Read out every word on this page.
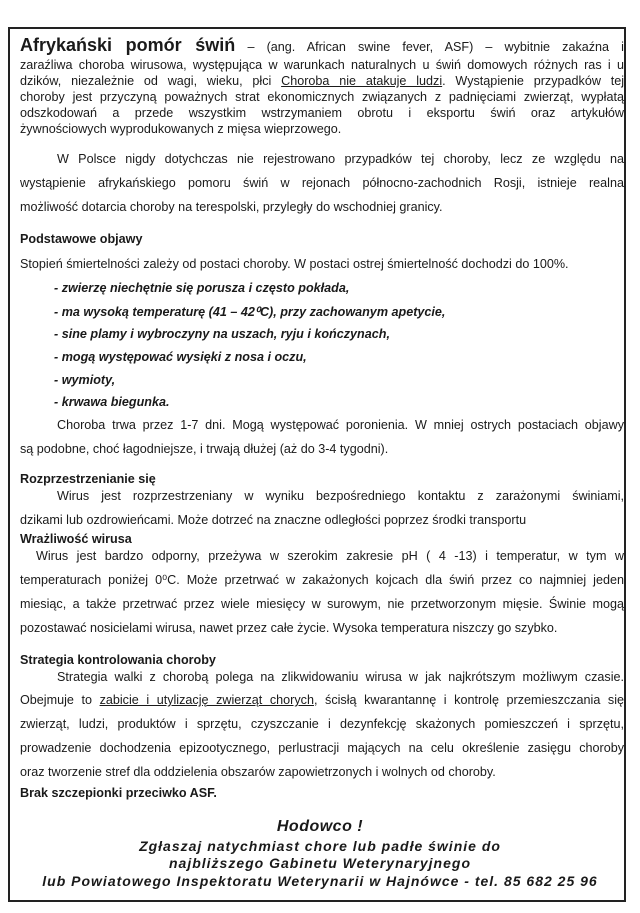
Afrykański pomór świń – (ang. African swine fever, ASF) – wybitnie zakaźna i

zaraźliwa choroba wirusowa, występująca w warunkach naturalnych u świń domowych różnych ras i u

dzików, niezależnie od wagi, wieku, płci Choroba nie atakuje ludzi. Wystąpienie przypadków tej

choroby jest przyczyną poważnych strat ekonomicznych związanych z padnięciami zwierząt, wypłatą

odszkodowań a przede wszystkim wstrzymaniem obrotu i eksportu świń oraz artykułów

żywnościowych wyprodukowanych z mięsa wieprzowego.

W Polsce nigdy dotychczas nie rejestrowano przypadków tej choroby, lecz ze względu na

wystąpienie afrykańskiego pomoru świń w rejonach północno-zachodnich Rosji, istnieje realna

możliwość dotarcia choroby na terespolski, przyległy do wschodniej granicy.

Podstawowe objawy

Stopień śmiertelności zależy od postaci choroby. W postaci ostrej śmiertelność dochodzi do 100%.

- zwierzę niechętnie się porusza i często pokłada,

- ma wysoką temperaturę (41 – 42⁰C), przy zachowanym apetycie,

- sine plamy i wybroczyny na uszach, ryju i kończynach,

- mogą występować wysięki z nosa i oczu,

- wymioty,

- krwawa biegunka.

Choroba trwa przez 1-7 dni. Mogą występować poronienia. W mniej ostrych postaciach objawy

są podobne, choć łagodniejsze, i trwają dłużej (aż do 3-4 tygodni).

Rozprzestrzenianie się

Wirus jest rozprzestrzeniany w wyniku bezpośredniego kontaktu z zarażonymi świniami,

dzikami lub ozdrowieńcami. Może dotrzeć na znaczne odległości poprzez środki transportu

Wrażliwość wirusa

Wirus jest bardzo odporny, przeżywa w szerokim zakresie pH ( 4 -13) i temperatur, w tym w

temperaturach poniżej 0⁰C. Może przetrwać w zakażonych kojcach dla świń przez co najmniej jeden

miesiąc, a także przetrwać przez wiele miesięcy w surowym, nie przetworzonym mięsie. Świnie mogą

pozostawać nosicielami wirusa, nawet przez całe życie. Wysoka temperatura niszczy go szybko.

Strategia kontrolowania choroby

Strategia walki z chorobą polega na zlikwidowaniu wirusa w jak najkrótszym możliwym czasie.

Obejmuje to zabicie i utylizację zwierząt chorych, ścisłą kwarantannę i kontrolę przemieszczania się

zwierząt, ludzi, produktów i sprzętu, czyszczanie i dezynfekcję skażonych pomieszczeń i sprzętu,

prowadzenie dochodzenia epizootycznego, perlustracji mających na celu określenie zasięgu choroby

oraz tworzenie stref dla oddzielenia obszarów zapowietrzonych i wolnych od choroby.

Brak szczepionki przeciwko ASF.

Hodowco !

Zgłaszaj natychmiast chore lub padłe świnie do

najbliższego Gabinetu Weterynaryjnego

lub Powiatowego Inspektoratu Weterynarii w Hajnówce - tel. 85 682 25 96
